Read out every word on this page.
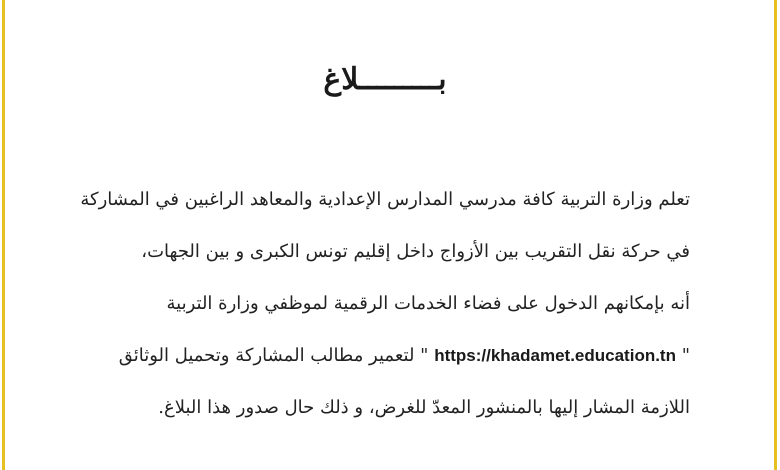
بـــــــــلاغ
تعلم وزارة التربية كافة مدرسي المدارس الإعدادية والمعاهد الراغبين في المشاركة
في حركة نقل التقريب بين الأزواج داخل إقليم تونس الكبرى و بين الجهات،
أنه بإمكانهم الدخول على فضاء الخدمات الرقمية لموظفي وزارة التربية
" https://khadamet.education.tn " لتعمير مطالب المشاركة وتحميل الوثائق
اللازمة المشار إليها بالمنشور المعدّ للغرض، و ذلك حال صدور هذا البلاغ.
